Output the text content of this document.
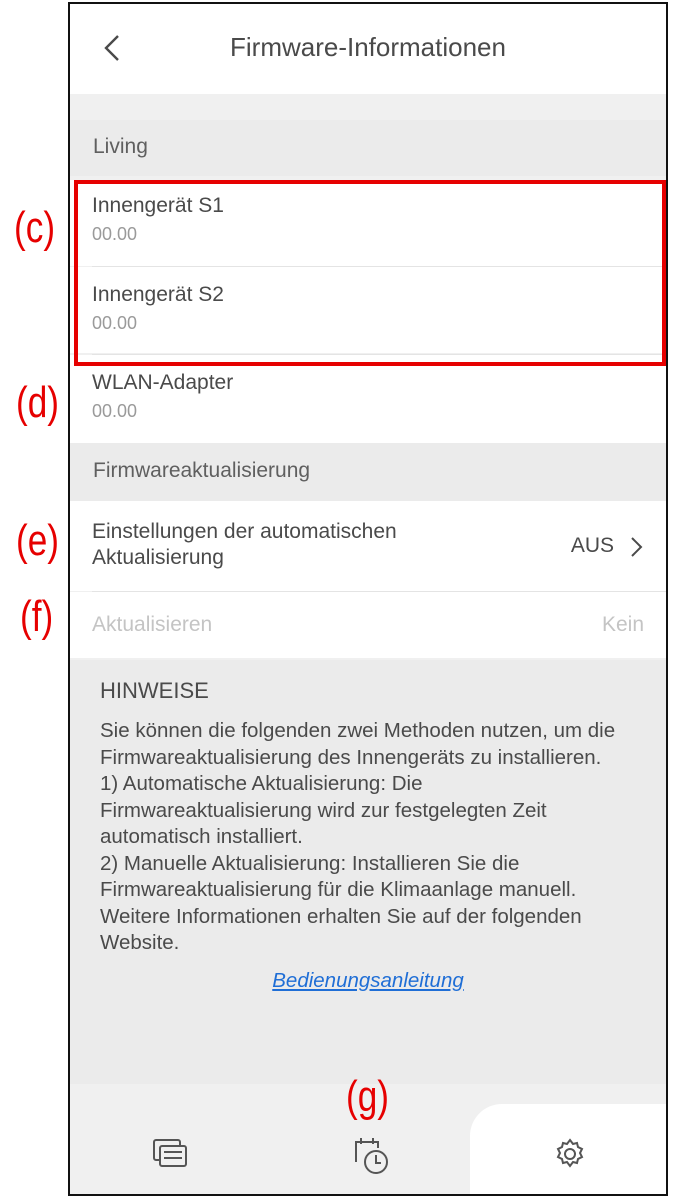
(c)
(d)
(e)
(f)
Firmware-Informationen
Living
Innengerät S1
00.00
Innengerät S2
00.00
WLAN-Adapter
00.00
Firmwareaktualisierung
Einstellungen der automatischen
Aktualisierung
AUS
Aktualisieren	Kein
HINWEISE
Sie können die folgenden zwei Methoden nutzen, um die Firmwareaktualisierung des Innengeräts zu installieren.
1) Automatische Aktualisierung: Die Firmwareaktualisierung wird zur festgelegten Zeit automatisch installiert.
2) Manuelle Aktualisierung: Installieren Sie die Firmwareaktualisierung für die Klimaanlage manuell.
Weitere Informationen erhalten Sie auf der folgenden Website.
Bedienungsanleitung
(g)
